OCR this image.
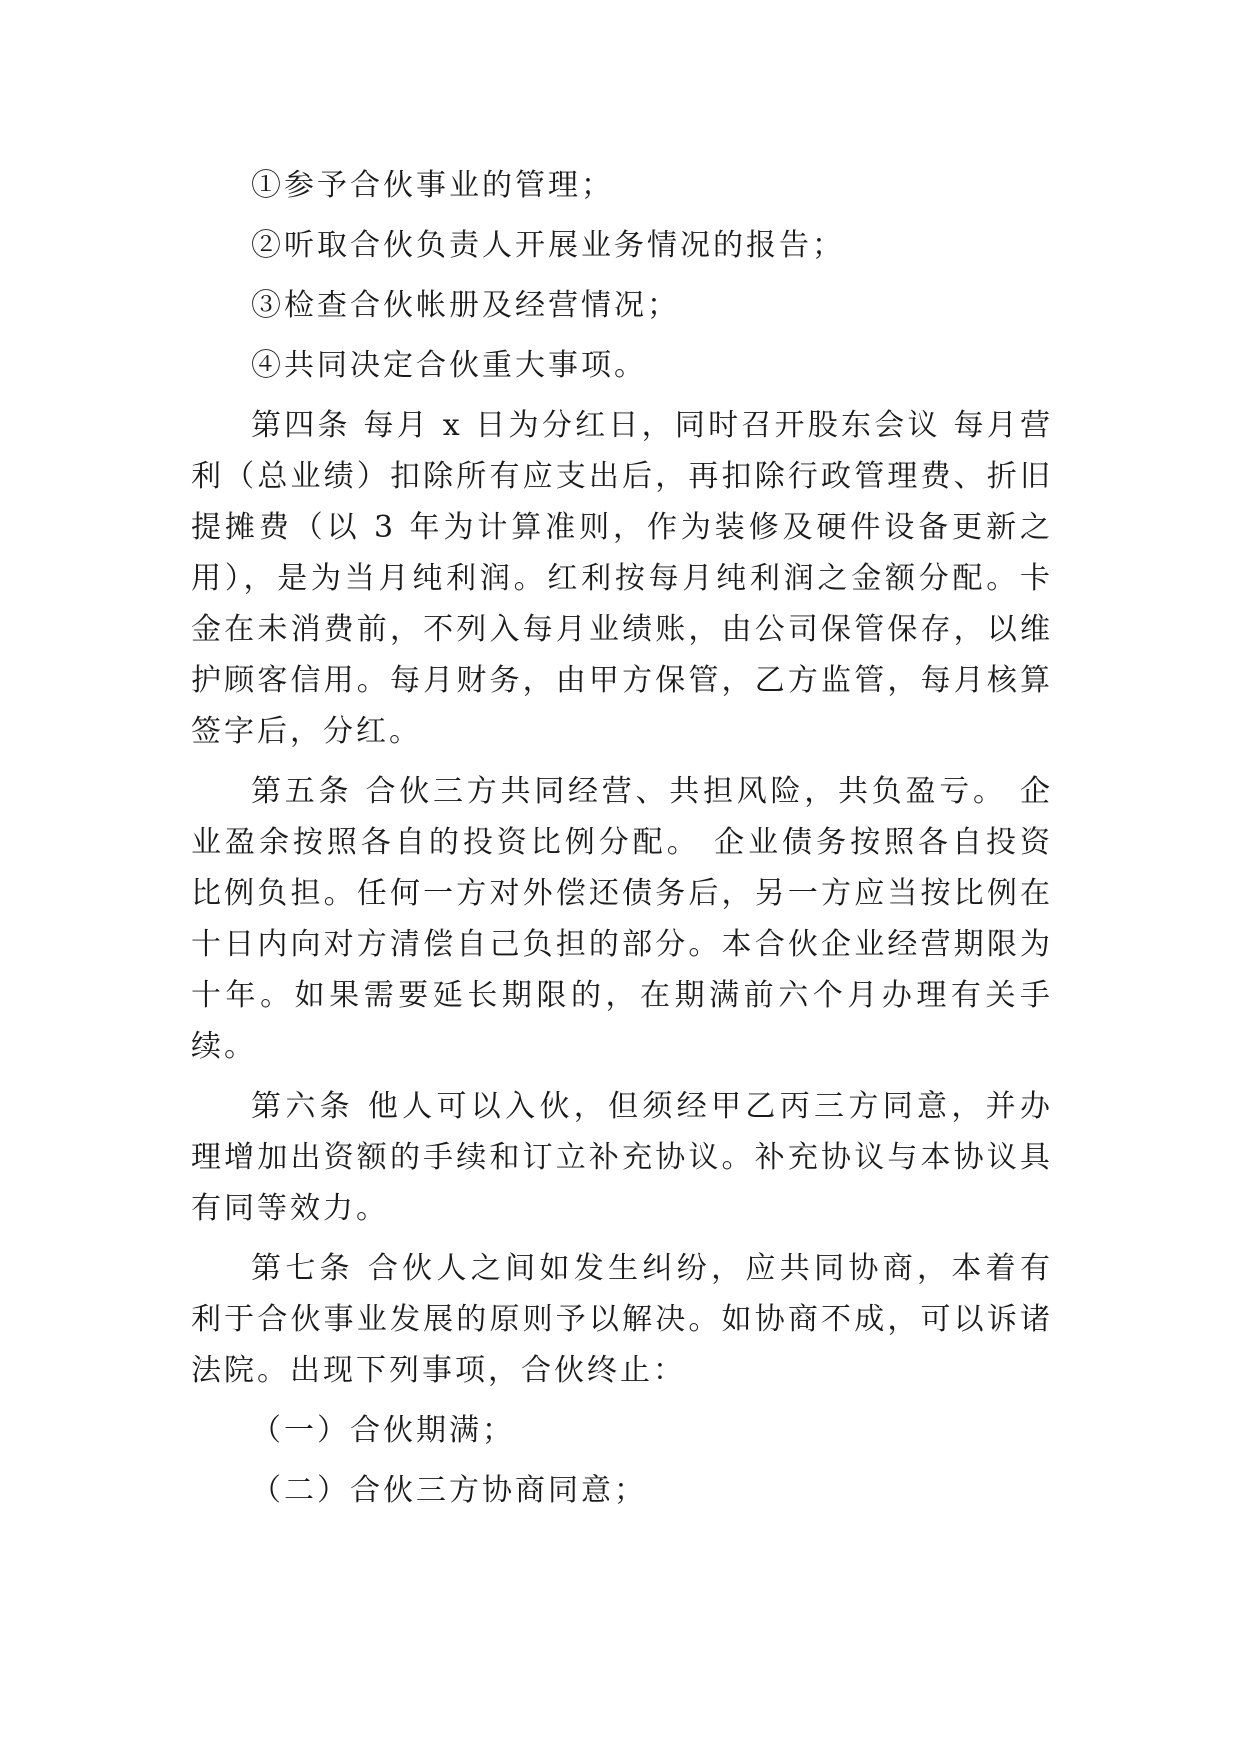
①参予合伙事业的管理；

②听取合伙负责人开展业务情况的报告；

③检查合伙帐册及经营情况；

④共同决定合伙重大事项。

第四条 每月 x 日为分红日，同时召开股东会议 每月营利（总业绩）扣除所有应支出后，再扣除行政管理费、折旧提摊费（以 3 年为计算准则，作为装修及硬件设备更新之用），是为当月纯利润。红利按每月纯利润之金额分配。卡金在未消费前，不列入每月业绩账，由公司保管保存，以维护顾客信用。每月财务，由甲方保管，乙方监管，每月核算签字后，分红。

第五条 合伙三方共同经营、共担风险，共负盈亏。 企业盈余按照各自的投资比例分配。 企业债务按照各自投资比例负担。任何一方对外偿还债务后，另一方应当按比例在十日内向对方清偿自己负担的部分。本合伙企业经营期限为十年。如果需要延长期限的，在期满前六个月办理有关手续。

第六条 他人可以入伙，但须经甲乙丙三方同意，并办理增加出资额的手续和订立补充协议。补充协议与本协议具有同等效力。

第七条 合伙人之间如发生纠纷，应共同协商，本着有利于合伙事业发展的原则予以解决。如协商不成，可以诉诸法院。出现下列事项，合伙终止：

（一）合伙期满；

（二）合伙三方协商同意；
